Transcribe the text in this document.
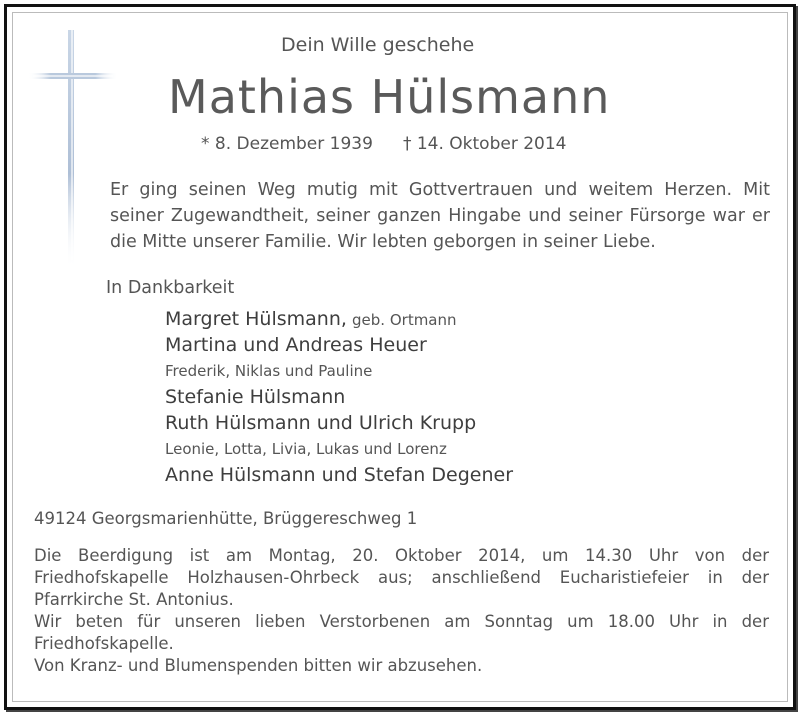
Dein Wille geschehe
Mathias Hülsmann
* 8. Dezember 1939 † 14. Oktober 2014
Er ging seinen Weg mutig mit Gottvertrauen und weitem Herzen. Mit seiner Zugewandtheit, seiner ganzen Hingabe und seiner Fürsorge war er die Mitte unserer Familie. Wir lebten geborgen in seiner Liebe.
In Dankbarkeit
Margret Hülsmann, geb. Ortmann
Martina und Andreas Heuer
Frederik, Niklas und Pauline
Stefanie Hülsmann
Ruth Hülsmann und Ulrich Krupp
Leonie, Lotta, Livia, Lukas und Lorenz
Anne Hülsmann und Stefan Degener
49124 Georgsmarienhütte, Brüggereschweg 1

Die Beerdigung ist am Montag, 20. Oktober 2014, um 14.30 Uhr von der Friedhofskapelle Holzhausen-Ohrbeck aus; anschließend Eucharistiefeier in der Pfarrkirche St. Antonius.

Wir beten für unseren lieben Verstorbenen am Sonntag um 18.00 Uhr in der Friedhofskapelle.

Von Kranz- und Blumenspenden bitten wir abzusehen.
